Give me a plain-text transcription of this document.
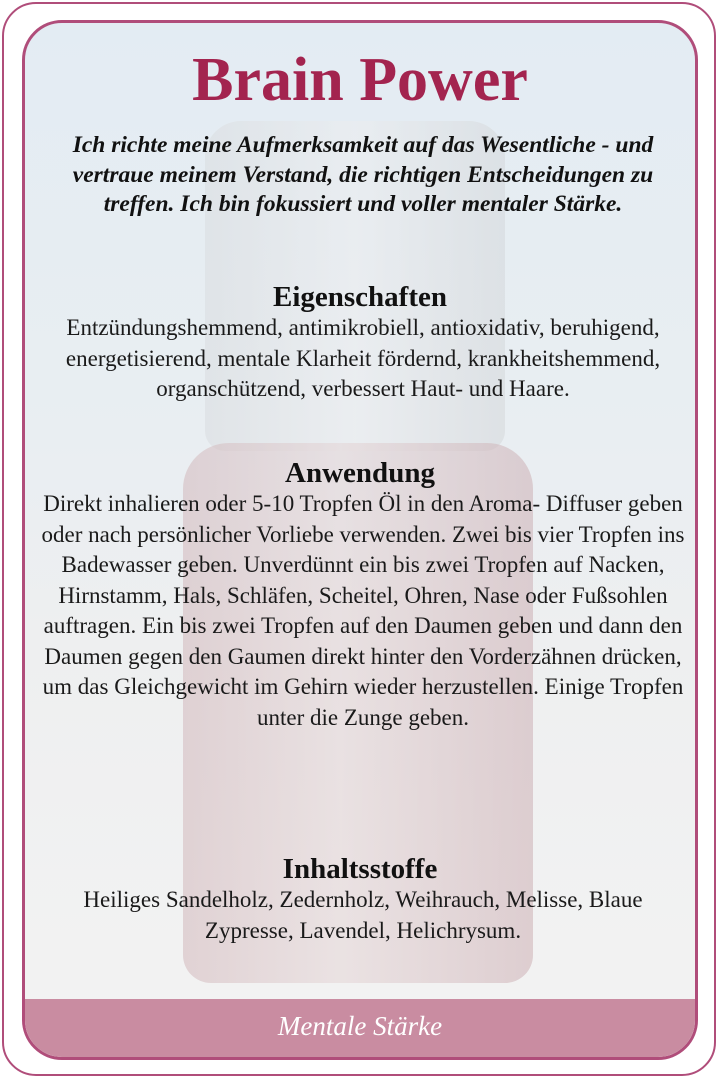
Brain Power

Ich richte meine Aufmerksamkeit auf das Wesentliche - und vertraue meinem Verstand, die richtigen Entscheidungen zu treffen. Ich bin fokussiert und voller mentaler Stärke.

Eigenschaften

Entzündungshemmend, antimikrobiell, antioxidativ, beruhigend, energetisierend, mentale Klarheit fördernd, krankheitshemmend, organschützend, verbessert Haut- und Haare.

Anwendung

Direkt inhalieren oder 5-10 Tropfen Öl in den Aroma- Diffuser geben oder nach persönlicher Vorliebe verwenden. Zwei bis vier Tropfen ins Badewasser geben. Unverdünnt ein bis zwei Tropfen auf Nacken, Hirnstamm, Hals, Schläfen, Scheitel, Ohren, Nase oder Fußsohlen auftragen. Ein bis zwei Tropfen auf den Daumen geben und dann den Daumen gegen den Gaumen direkt hinter den Vorderzähnen drücken, um das Gleichgewicht im Gehirn wieder herzustellen. Einige Tropfen unter die Zunge geben.

Inhaltsstoffe

Heiliges Sandelholz, Zedernholz, Weihrauch, Melisse, Blaue Zypresse, Lavendel, Helichrysum.

Mentale Stärke
